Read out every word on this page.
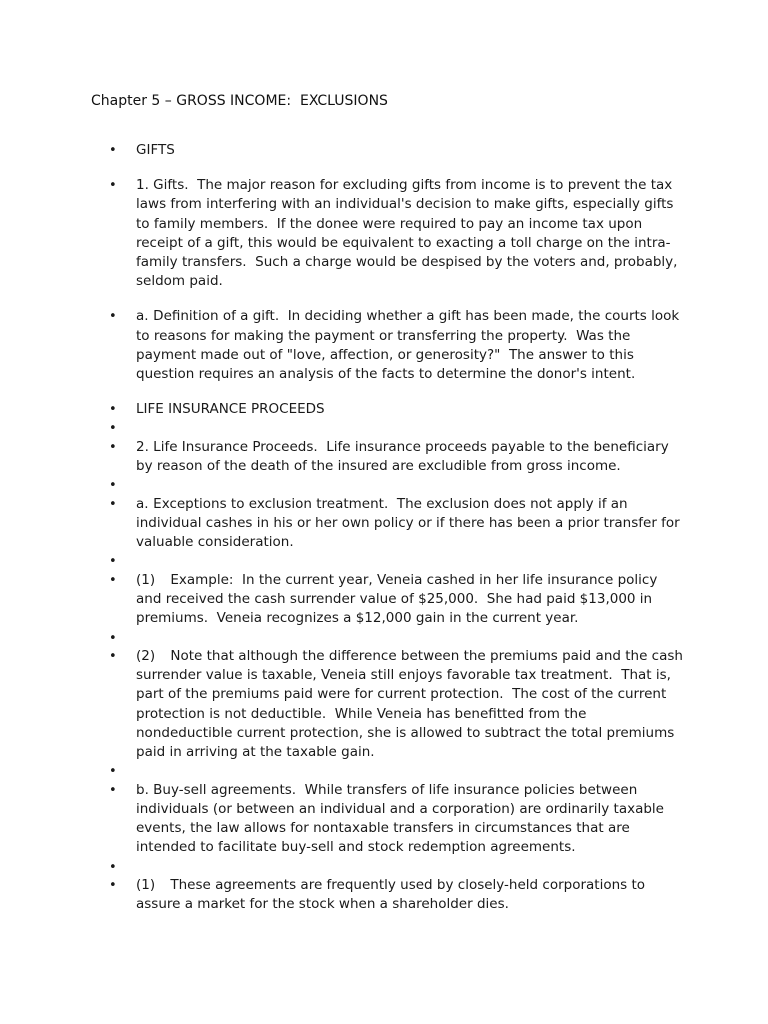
Chapter 5 – GROSS INCOME:  EXCLUSIONS
• GIFTS
• 1.	Gifts.  The major reason for excluding gifts from income is to prevent the tax laws from interfering with an individual's decision to make gifts, especially gifts to family members.  If the donee were required to pay an income tax upon receipt of a gift, this would be equivalent to exacting a toll charge on the intra-family transfers.  Such a charge would be despised by the voters and, probably, seldom paid.
• a.	Definition of a gift.  In deciding whether a gift has been made, the courts look to reasons for making the payment or transferring the property.  Was the payment made out of "love, affection, or generosity?"  The answer to this question requires an analysis of the facts to determine the donor's intent.
• LIFE INSURANCE PROCEEDS
•
• 2.	Life Insurance Proceeds.  Life insurance proceeds payable to the beneficiary by reason of the death of the insured are excludible from gross income.
•
• a.	Exceptions to exclusion treatment.  The exclusion does not apply if an individual cashes in his or her own policy or if there has been a prior transfer for valuable consideration.
•
• (1)	Example:  In the current year, Veneia cashed in her life insurance policy and received the cash surrender value of $25,000.  She had paid $13,000 in premiums.  Veneia recognizes a $12,000 gain in the current year.
•
• (2)	Note that although the difference between the premiums paid and the cash surrender value is taxable, Veneia still enjoys favorable tax treatment.  That is, part of the premiums paid were for current protection.  The cost of the current protection is not deductible.  While Veneia has benefitted from the nondeductible current protection, she is allowed to subtract the total premiums paid in arriving at the taxable gain.
•
• b.	Buy-sell agreements.  While transfers of life insurance policies between individuals (or between an individual and a corporation) are ordinarily taxable events, the law allows for nontaxable transfers in circumstances that are intended to facilitate buy-sell and stock redemption agreements.
•
• (1)	These agreements are frequently used by closely-held corporations to assure a market for the stock when a shareholder dies.
